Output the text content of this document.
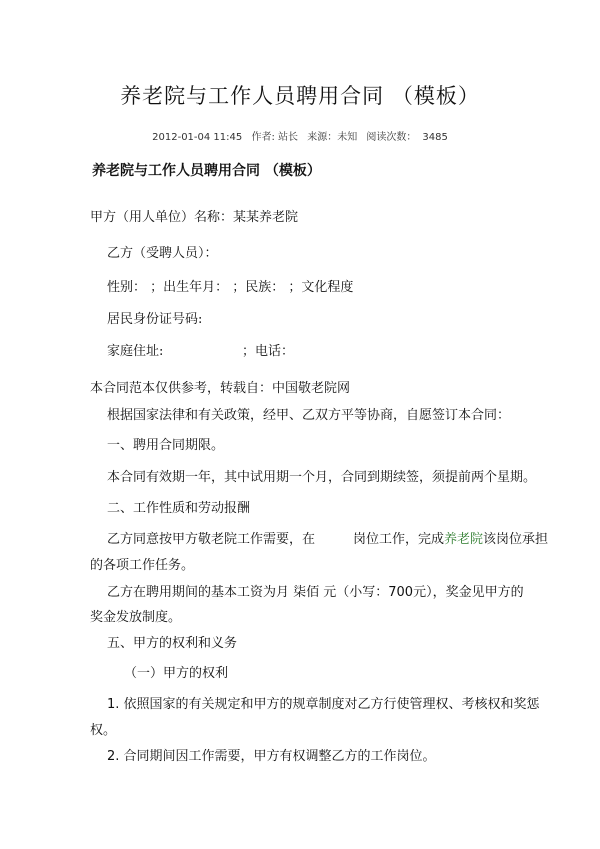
养老院与工作人员聘用合同 （模板）
2012-01-04 11:45 作者: 站长 来源：未知 阅读次数： 3485
养老院与工作人员聘用合同 （模板）
甲方（用人单位）名称：某某养老院
乙方（受聘人员）：
性别： ；出生年月： ；民族： ；文化程度
居民身份证号码:
家庭住址:	；电话：
本合同范本仅供参考，转载自：中国敬老院网
根据国家法律和有关政策，经甲、乙双方平等协商，自愿签订本合同：
一、聘用合同期限。
本合同有效期一年，其中试用期一个月，合同到期续签，须提前两个星期。
二、工作性质和劳动报酬
乙方同意按甲方敬老院工作需要，在	岗位工作，完成养老院该岗位承担
的各项工作任务。
乙方在聘用期间的基本工资为月 柒佰 元（小写：700元），奖金见甲方的
奖金发放制度。
五、甲方的权利和义务
（一）甲方的权利
1. 依照国家的有关规定和甲方的规章制度对乙方行使管理权、考核权和奖惩
权。
2. 合同期间因工作需要，甲方有权调整乙方的工作岗位。
